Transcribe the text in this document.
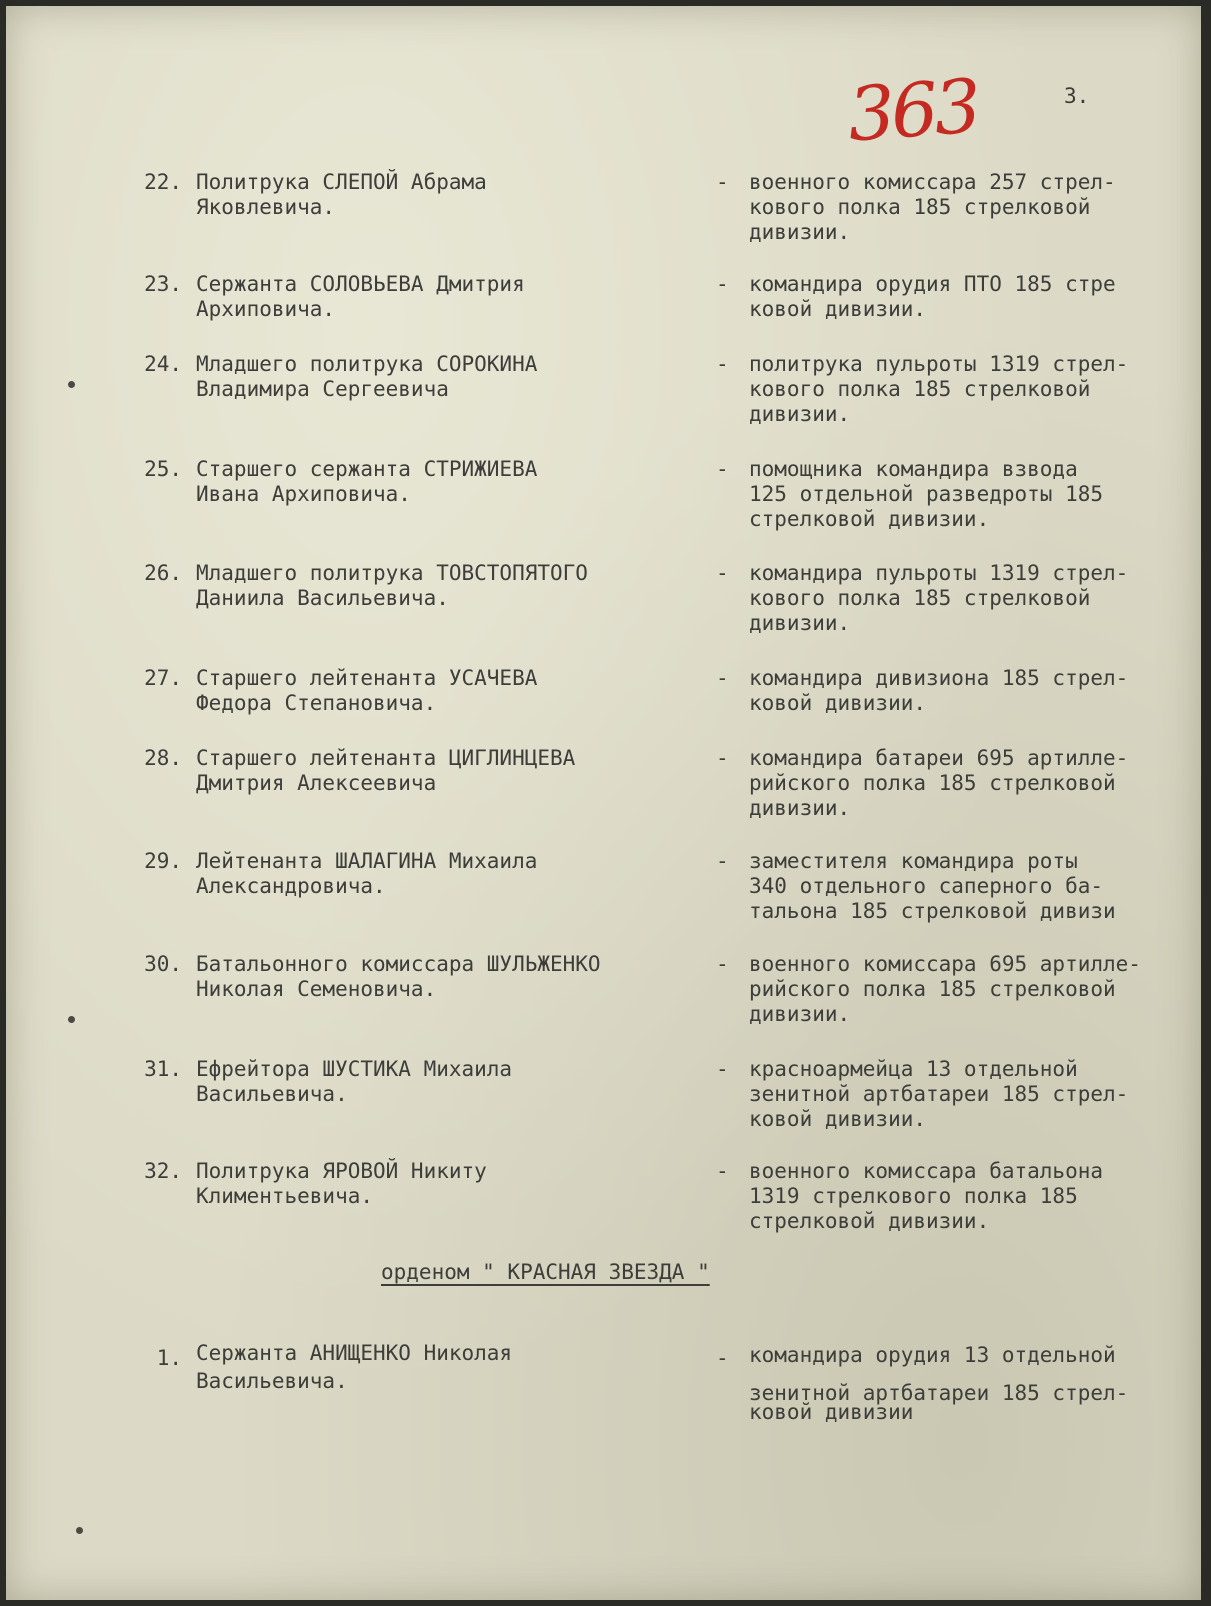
363	3.
22. Политрука СЛЕПОЙ Абрама
Яковлевича.
- военного комиссара 257 стрел-
кового полка 185 стрелковой
дивизии.
23. Сержанта СОЛОВЬЕВА Дмитрия
Архиповича.
- командира орудия ПТО 185 стре
ковой дивизии.
24. Младшего политрука СОРОКИНА
Владимира Сергеевича
- политрука пульроты 1319 стрел-
кового полка 185 стрелковой
дивизии.
25. Старшего сержанта СТРИЖИЕВА
Ивана Архиповича.
- помощника командира взвода
125 отдельной разведроты 185
стрелковой дивизии.
26. Младшего политрука ТОВСТОПЯТОГО
Даниила Васильевича.
- командира пульроты 1319 стрел-
кового полка 185 стрелковой
дивизии.
27. Старшего лейтенанта УСАЧЕВА
Федора Степановича.
- командира дивизиона 185 стрел-
ковой дивизии.
28. Старшего лейтенанта ЦИГЛИНЦЕВА
Дмитрия Алексеевича
- командира батареи 695 артилле-
рийского полка 185 стрелковой
дивизии.
29. Лейтенанта ШАЛАГИНА Михаила
Александровича.
- заместителя командира роты
340 отдельного саперного ба-
тальона 185 стрелковой дивизи
30. Батальонного комиссара ШУЛЬЖЕНКО
Николая Семеновича.
- военного комиссара 695 артилле-
рийского полка 185 стрелковой
дивизии.
31. Ефрейтора ШУСТИКА Михаила
Васильевича.
- красноармейца 13 отдельной
зенитной артбатареи 185 стрел-
ковой дивизии.
32. Политрука ЯРОВОЙ Никиту
Климентьевича.
- военного комиссара батальона
1319 стрелкового полка 185
стрелковой дивизии.
орденом " КРАСНАЯ ЗВЕЗДА "
1. Сержанта АНИЩЕНКО Николая

Васильевича.
- командира орудия 13 отдельной

зенитной артбатареи 185 стрел-
ковой дивизии
